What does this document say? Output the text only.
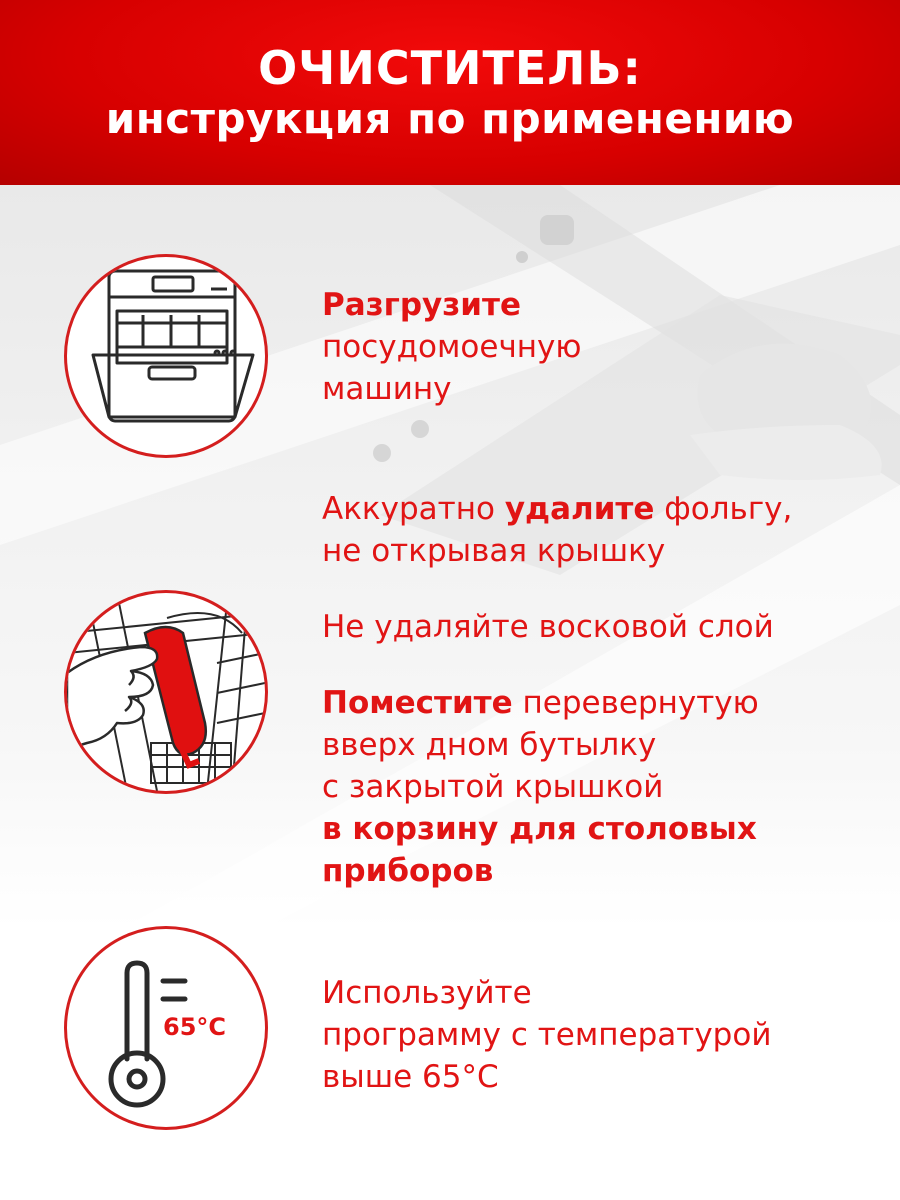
ОЧИСТИТЕЛЬ:
инструкция по применению
65°C
Разгрузите
посудомоечную
машину
Аккуратно удалите фольгу,
не открывая крышку
Не удаляйте восковой слой
Поместите перевернутую
вверх дном бутылку
с закрытой крышкой
в корзину для столовых
приборов
Используйте
программу с температурой
выше 65°С
